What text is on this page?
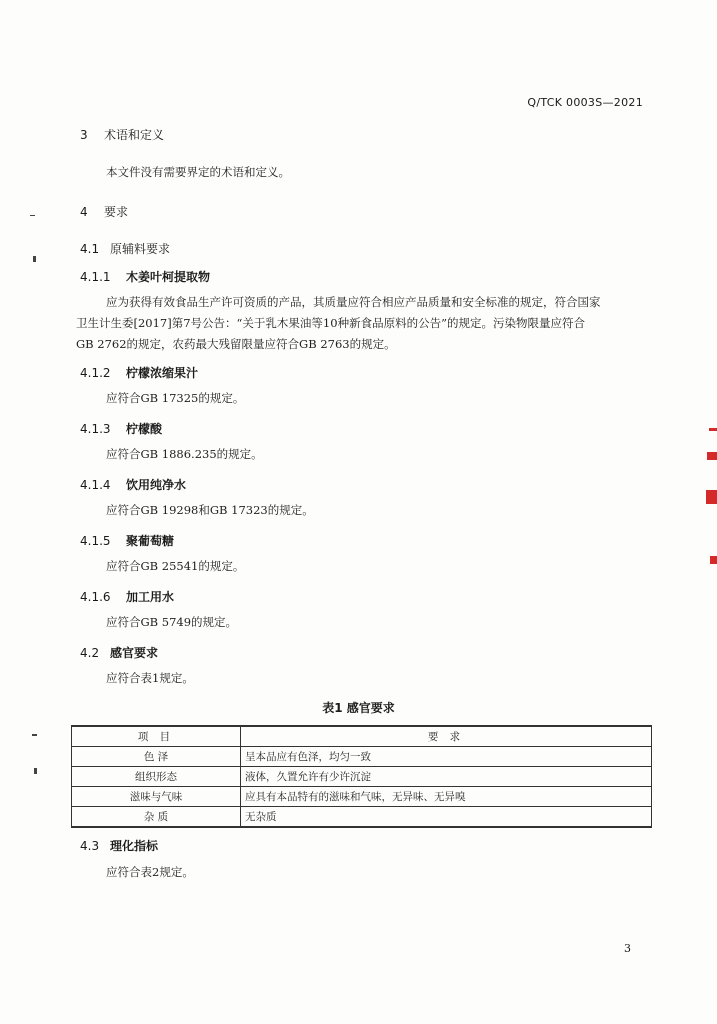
Q/TCK 0003S—2021
3 术语和定义
本文件没有需要界定的术语和定义。
4 要求
4.1 原辅料要求
4.1.1 木姜叶柯提取物
应为获得有效食品生产许可资质的产品，其质量应符合相应产品质量和安全标准的规定，符合国家
卫生计生委[2017]第7号公告：“关于乳木果油等10种新食品原料的公告”的规定。污染物限量应符合
GB 2762的规定，农药最大残留限量应符合GB 2763的规定。
4.1.2 柠檬浓缩果汁
应符合GB 17325的规定。
4.1.3 柠檬酸
应符合GB 1886.235的规定。
4.1.4 饮用纯净水
应符合GB 19298和GB 17323的规定。
4.1.5 聚葡萄糖
应符合GB 25541的规定。
4.1.6 加工用水
应符合GB 5749的规定。
4.2 感官要求
应符合表1规定。
表1 感官要求
项 目	要 求
色 泽	呈本品应有色泽，均匀一致
组织形态	液体，久置允许有少许沉淀
滋味与气味	应具有本品特有的滋味和气味，无异味、无异嗅
杂 质	无杂质
4.3 理化指标
应符合表2规定。
3
